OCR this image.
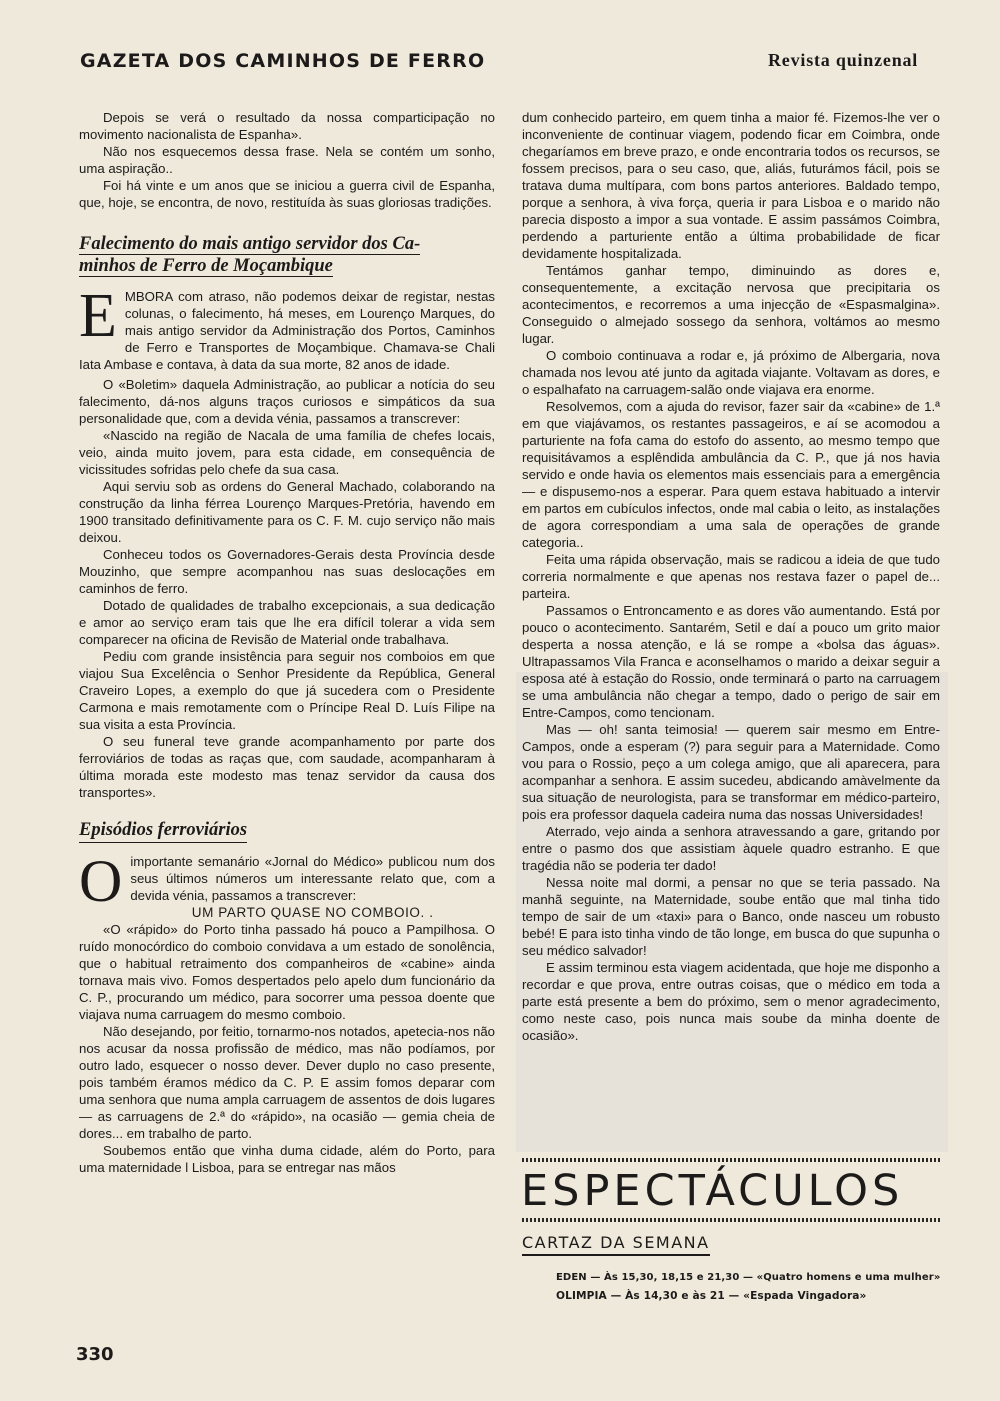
GAZETA DOS CAMINHOS DE FERRO	Revista quinzenal

Depois se verá o resultado da nossa comparticipação no movimento nacionalista de Espanha».

Não nos esquecemos dessa frase. Nela se contém um sonho, uma aspiração..

Foi há vinte e um anos que se iniciou a guerra civil de Espanha, que, hoje, se encontra, de novo, restituída às suas gloriosas tradições.

Falecimento do mais antigo servidor dos Ca-
minhos de Ferro de Moçambique

EMBORA com atraso, não podemos deixar de registar, nestas colunas, o falecimento, há meses, em Lourenço Marques, do mais antigo servidor da Administração dos Portos, Caminhos de Ferro e Transportes de Moçambique. Chamava-se Chali Iata Ambase e contava, à data da sua morte, 82 anos de idade.

O «Boletim» daquela Administração, ao publicar a notícia do seu falecimento, dá-nos alguns traços curiosos e simpáticos da sua personalidade que, com a devida vénia, passamos a transcrever:

«Nascido na região de Nacala de uma família de chefes locais, veio, ainda muito jovem, para esta cidade, em consequência de vicissitudes sofridas pelo chefe da sua casa.

Aqui serviu sob as ordens do General Machado, colaborando na construção da linha férrea Lourenço Marques-Pretória, havendo em 1900 transitado definitivamente para os C. F. M. cujo serviço não mais deixou.

Conheceu todos os Governadores-Gerais desta Província desde Mouzinho, que sempre acompanhou nas suas deslocações em caminhos de ferro.

Dotado de qualidades de trabalho excepcionais, a sua dedicação e amor ao serviço eram tais que lhe era difícil tolerar a vida sem comparecer na oficina de Revisão de Material onde trabalhava.

Pediu com grande insistência para seguir nos comboios em que viajou Sua Excelência o Senhor Presidente da República, General Craveiro Lopes, a exemplo do que já sucedera com o Presidente Carmona e mais remotamente com o Príncipe Real D. Luís Filipe na sua visita a esta Província.

O seu funeral teve grande acompanhamento por parte dos ferroviários de todas as raças que, com saudade, acompanharam à última morada este modesto mas tenaz servidor da causa dos transportes».

Episódios ferroviários

Oimportante semanário «Jornal do Médico» publicou num dos seus últimos números um interessante relato que, com a devida vénia, passamos a transcrever:

UM PARTO QUASE NO COMBOIO. .

«O «rápido» do Porto tinha passado há pouco a Pampilhosa. O ruído monocórdico do comboio convidava a um estado de sonolência, que o habitual retraimento dos companheiros de «cabine» ainda tornava mais vivo. Fomos despertados pelo apelo dum funcionário da C. P., procurando um médico, para socorrer uma pessoa doente que viajava numa carruagem do mesmo comboio.

Não desejando, por feitio, tornarmo-nos notados, apetecia-nos não nos acusar da nossa profissão de médico, mas não podíamos, por outro lado, esquecer o nosso dever. Dever duplo no caso presente, pois também éramos médico da C. P. E assim fomos deparar com uma senhora que numa ampla carruagem de assentos de dois lugares — as carruagens de 2.ª do «rápido», na ocasião — gemia cheia de dores... em trabalho de parto.

Soubemos então que vinha duma cidade, além do Porto, para uma maternidade l Lisboa, para se entregar nas mãos

dum conhecido parteiro, em quem tinha a maior fé. Fizemos-lhe ver o inconveniente de continuar viagem, podendo ficar em Coimbra, onde chegaríamos em breve prazo, e onde encontraria todos os recursos, se fossem precisos, para o seu caso, que, aliás, futurámos fácil, pois se tratava duma multípara, com bons partos anteriores. Baldado tempo, porque a senhora, à viva força, queria ir para Lisboa e o marido não parecia disposto a impor a sua vontade. E assim passámos Coimbra, perdendo a parturiente então a última probabilidade de ficar devidamente hospitalizada.

Tentámos ganhar tempo, diminuindo as dores e, consequentemente, a excitação nervosa que precipitaria os acontecimentos, e recorremos a uma injecção de «Espasmalgina». Conseguido o almejado sossego da senhora, voltámos ao mesmo lugar.

O comboio continuava a rodar e, já próximo de Albergaria, nova chamada nos levou até junto da agitada viajante. Voltavam as dores, e o espalhafato na carruagem-salão onde viajava era enorme.

Resolvemos, com a ajuda do revisor, fazer sair da «cabine» de 1.ª em que viajávamos, os restantes passageiros, e aí se acomodou a parturiente na fofa cama do estofo do assento, ao mesmo tempo que requisitávamos a esplêndida ambulância da C. P., que já nos havia servido e onde havia os elementos mais essenciais para a emergência — e dispusemo-nos a esperar. Para quem estava habituado a intervir em partos em cubículos infectos, onde mal cabia o leito, as instalações de agora correspondiam a uma sala de operações de grande categoria..

Feita uma rápida observação, mais se radicou a ideia de que tudo correria normalmente e que apenas nos restava fazer o papel de... parteira.

Passamos o Entroncamento e as dores vão aumentando. Está por pouco o acontecimento. Santarém, Setil e daí a pouco um grito maior desperta a nossa atenção, e lá se rompe a «bolsa das águas». Ultrapassamos Vila Franca e aconselhamos o marido a deixar seguir a esposa até à estação do Rossio, onde terminará o parto na carruagem se uma ambulância não chegar a tempo, dado o perigo de sair em Entre-Campos, como tencionam.

Mas — oh! santa teimosia! — querem sair mesmo em Entre-Campos, onde a esperam (?) para seguir para a Maternidade. Como vou para o Rossio, peço a um colega amigo, que ali aparecera, para acompanhar a senhora. E assim sucedeu, abdicando amàvelmente da sua situação de neurologista, para se transformar em médico-parteiro, pois era professor daquela cadeira numa das nossas Universidades!

Aterrado, vejo ainda a senhora atravessando a gare, gritando por entre o pasmo dos que assistiam àquele quadro estranho. E que tragédia não se poderia ter dado!

Nessa noite mal dormi, a pensar no que se teria passado. Na manhã seguinte, na Maternidade, soube então que mal tinha tido tempo de sair de um «taxi» para o Banco, onde nasceu um robusto bebé! E para isto tinha vindo de tão longe, em busca do que supunha o seu médico salvador!

E assim terminou esta viagem acidentada, que hoje me disponho a recordar e que prova, entre outras coisas, que o médico em toda a parte está presente a bem do próximo, sem o menor agradecimento, como neste caso, pois nunca mais soube da minha doente de ocasião».

ESPECTÁCULOS
CARTAZ DA SEMANA
EDEN — Às 15,30, 18,15 e 21,30 — «Quatro homens e uma mulher»
OLIMPIA — Às 14,30 e às 21 — «Espada Vingadora»
330
